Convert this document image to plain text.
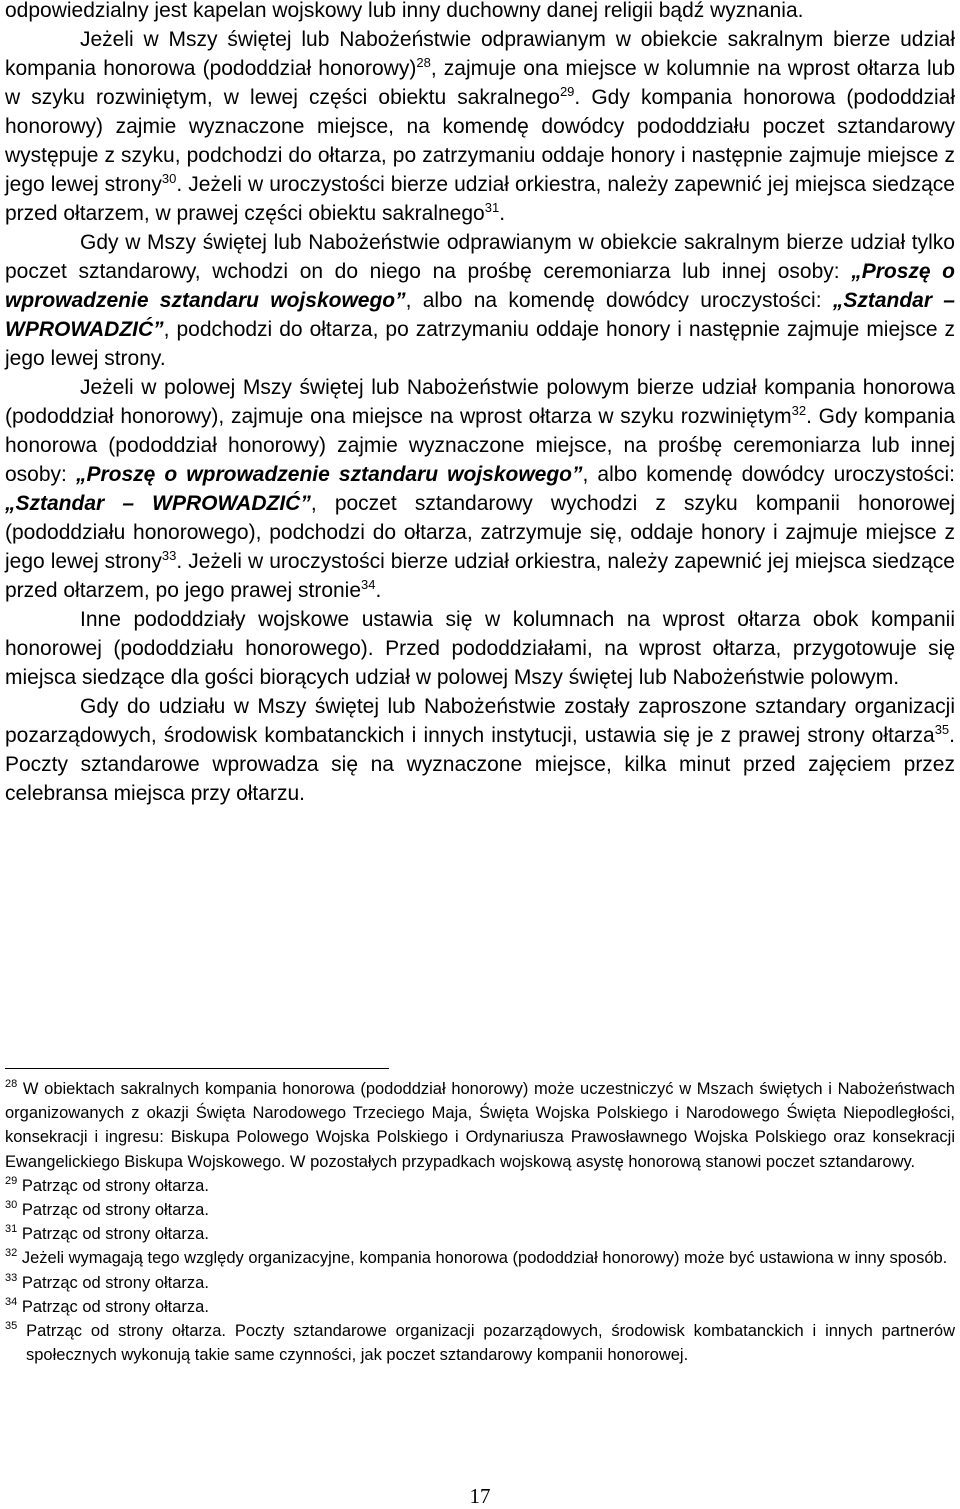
odpowiedzialny jest kapelan wojskowy lub inny duchowny danej religii bądź wyznania.

Jeżeli w Mszy świętej lub Nabożeństwie odprawianym w obiekcie sakralnym bierze udział kompania honorowa (pododdział honorowy)$^{28}$, zajmuje ona miejsce w kolumnie na wprost ołtarza lub w szyku rozwiniętym, w lewej części obiektu sakralnego$^{29}$. Gdy kompania honorowa (pododdział honorowy) zajmie wyznaczone miejsce, na komendę dowódcy pododdziału poczet sztandarowy występuje z szyku, podchodzi do ołtarza, po zatrzymaniu oddaje honory i następnie zajmuje miejsce z jego lewej strony$^{30}$. Jeżeli w uroczystości bierze udział orkiestra, należy zapewnić jej miejsca siedzące przed ołtarzem, w prawej części obiektu sakralnego$^{31}$.

Gdy w Mszy świętej lub Nabożeństwie odprawianym w obiekcie sakralnym bierze udział tylko poczet sztandarowy, wchodzi on do niego na prośbę ceremoniarza lub innej osoby: „Proszę o wprowadzenie sztandaru wojskowego”, albo na komendę dowódcy uroczystości: „Sztandar – WPROWADZIĆ”, podchodzi do ołtarza, po zatrzymaniu oddaje honory i następnie zajmuje miejsce z jego lewej strony.

Jeżeli w polowej Mszy świętej lub Nabożeństwie polowym bierze udział kompania honorowa (pododdział honorowy), zajmuje ona miejsce na wprost ołtarza w szyku rozwiniętym$^{32}$. Gdy kompania honorowa (pododdział honorowy) zajmie wyznaczone miejsce, na prośbę ceremoniarza lub innej osoby: „Proszę o wprowadzenie sztandaru wojskowego”, albo komendę dowódcy uroczystości: „Sztandar – WPROWADZIĆ”, poczet sztandarowy wychodzi z szyku kompanii honorowej (pododdziału honorowego), podchodzi do ołtarza, zatrzymuje się, oddaje honory i zajmuje miejsce z jego lewej strony$^{33}$. Jeżeli w uroczystości bierze udział orkiestra, należy zapewnić jej miejsca siedzące przed ołtarzem, po jego prawej stronie$^{34}$.

Inne pododdziały wojskowe ustawia się w kolumnach na wprost ołtarza obok kompanii honorowej (pododdziału honorowego). Przed pododdziałami, na wprost ołtarza, przygotowuje się miejsca siedzące dla gości biorących udział w polowej Mszy świętej lub Nabożeństwie polowym.

Gdy do udziału w Mszy świętej lub Nabożeństwie zostały zaproszone sztandary organizacji pozarządowych, środowisk kombatanckich i innych instytucji, ustawia się je z prawej strony ołtarza$^{35}$. Poczty sztandarowe wprowadza się na wyznaczone miejsce, kilka minut przed zajęciem przez celebransa miejsca przy ołtarzu.

$^{28}$ W obiektach sakralnych kompania honorowa (pododdział honorowy) może uczestniczyć w Mszach świętych i Nabożeństwach organizowanych z okazji Święta Narodowego Trzeciego Maja, Święta Wojska Polskiego i Narodowego Święta Niepodległości, konsekracji i ingresu: Biskupa Polowego Wojska Polskiego i Ordynariusza Prawosławnego Wojska Polskiego oraz konsekracji Ewangelickiego Biskupa Wojskowego. W pozostałych przypadkach wojskową asystę honorową stanowi poczet sztandarowy.

$^{29}$ Patrząc od strony ołtarza.

$^{30}$ Patrząc od strony ołtarza.

$^{31}$ Patrząc od strony ołtarza.

$^{32}$ Jeżeli wymagają tego względy organizacyjne, kompania honorowa (pododdział honorowy) może być ustawiona w inny sposób.

$^{33}$ Patrząc od strony ołtarza.

$^{34}$ Patrząc od strony ołtarza.

$^{35}$ Patrząc od strony ołtarza. Poczty sztandarowe organizacji pozarządowych, środowisk kombatanckich i innych partnerów społecznych wykonują takie same czynności, jak poczet sztandarowy kompanii honorowej.

17
